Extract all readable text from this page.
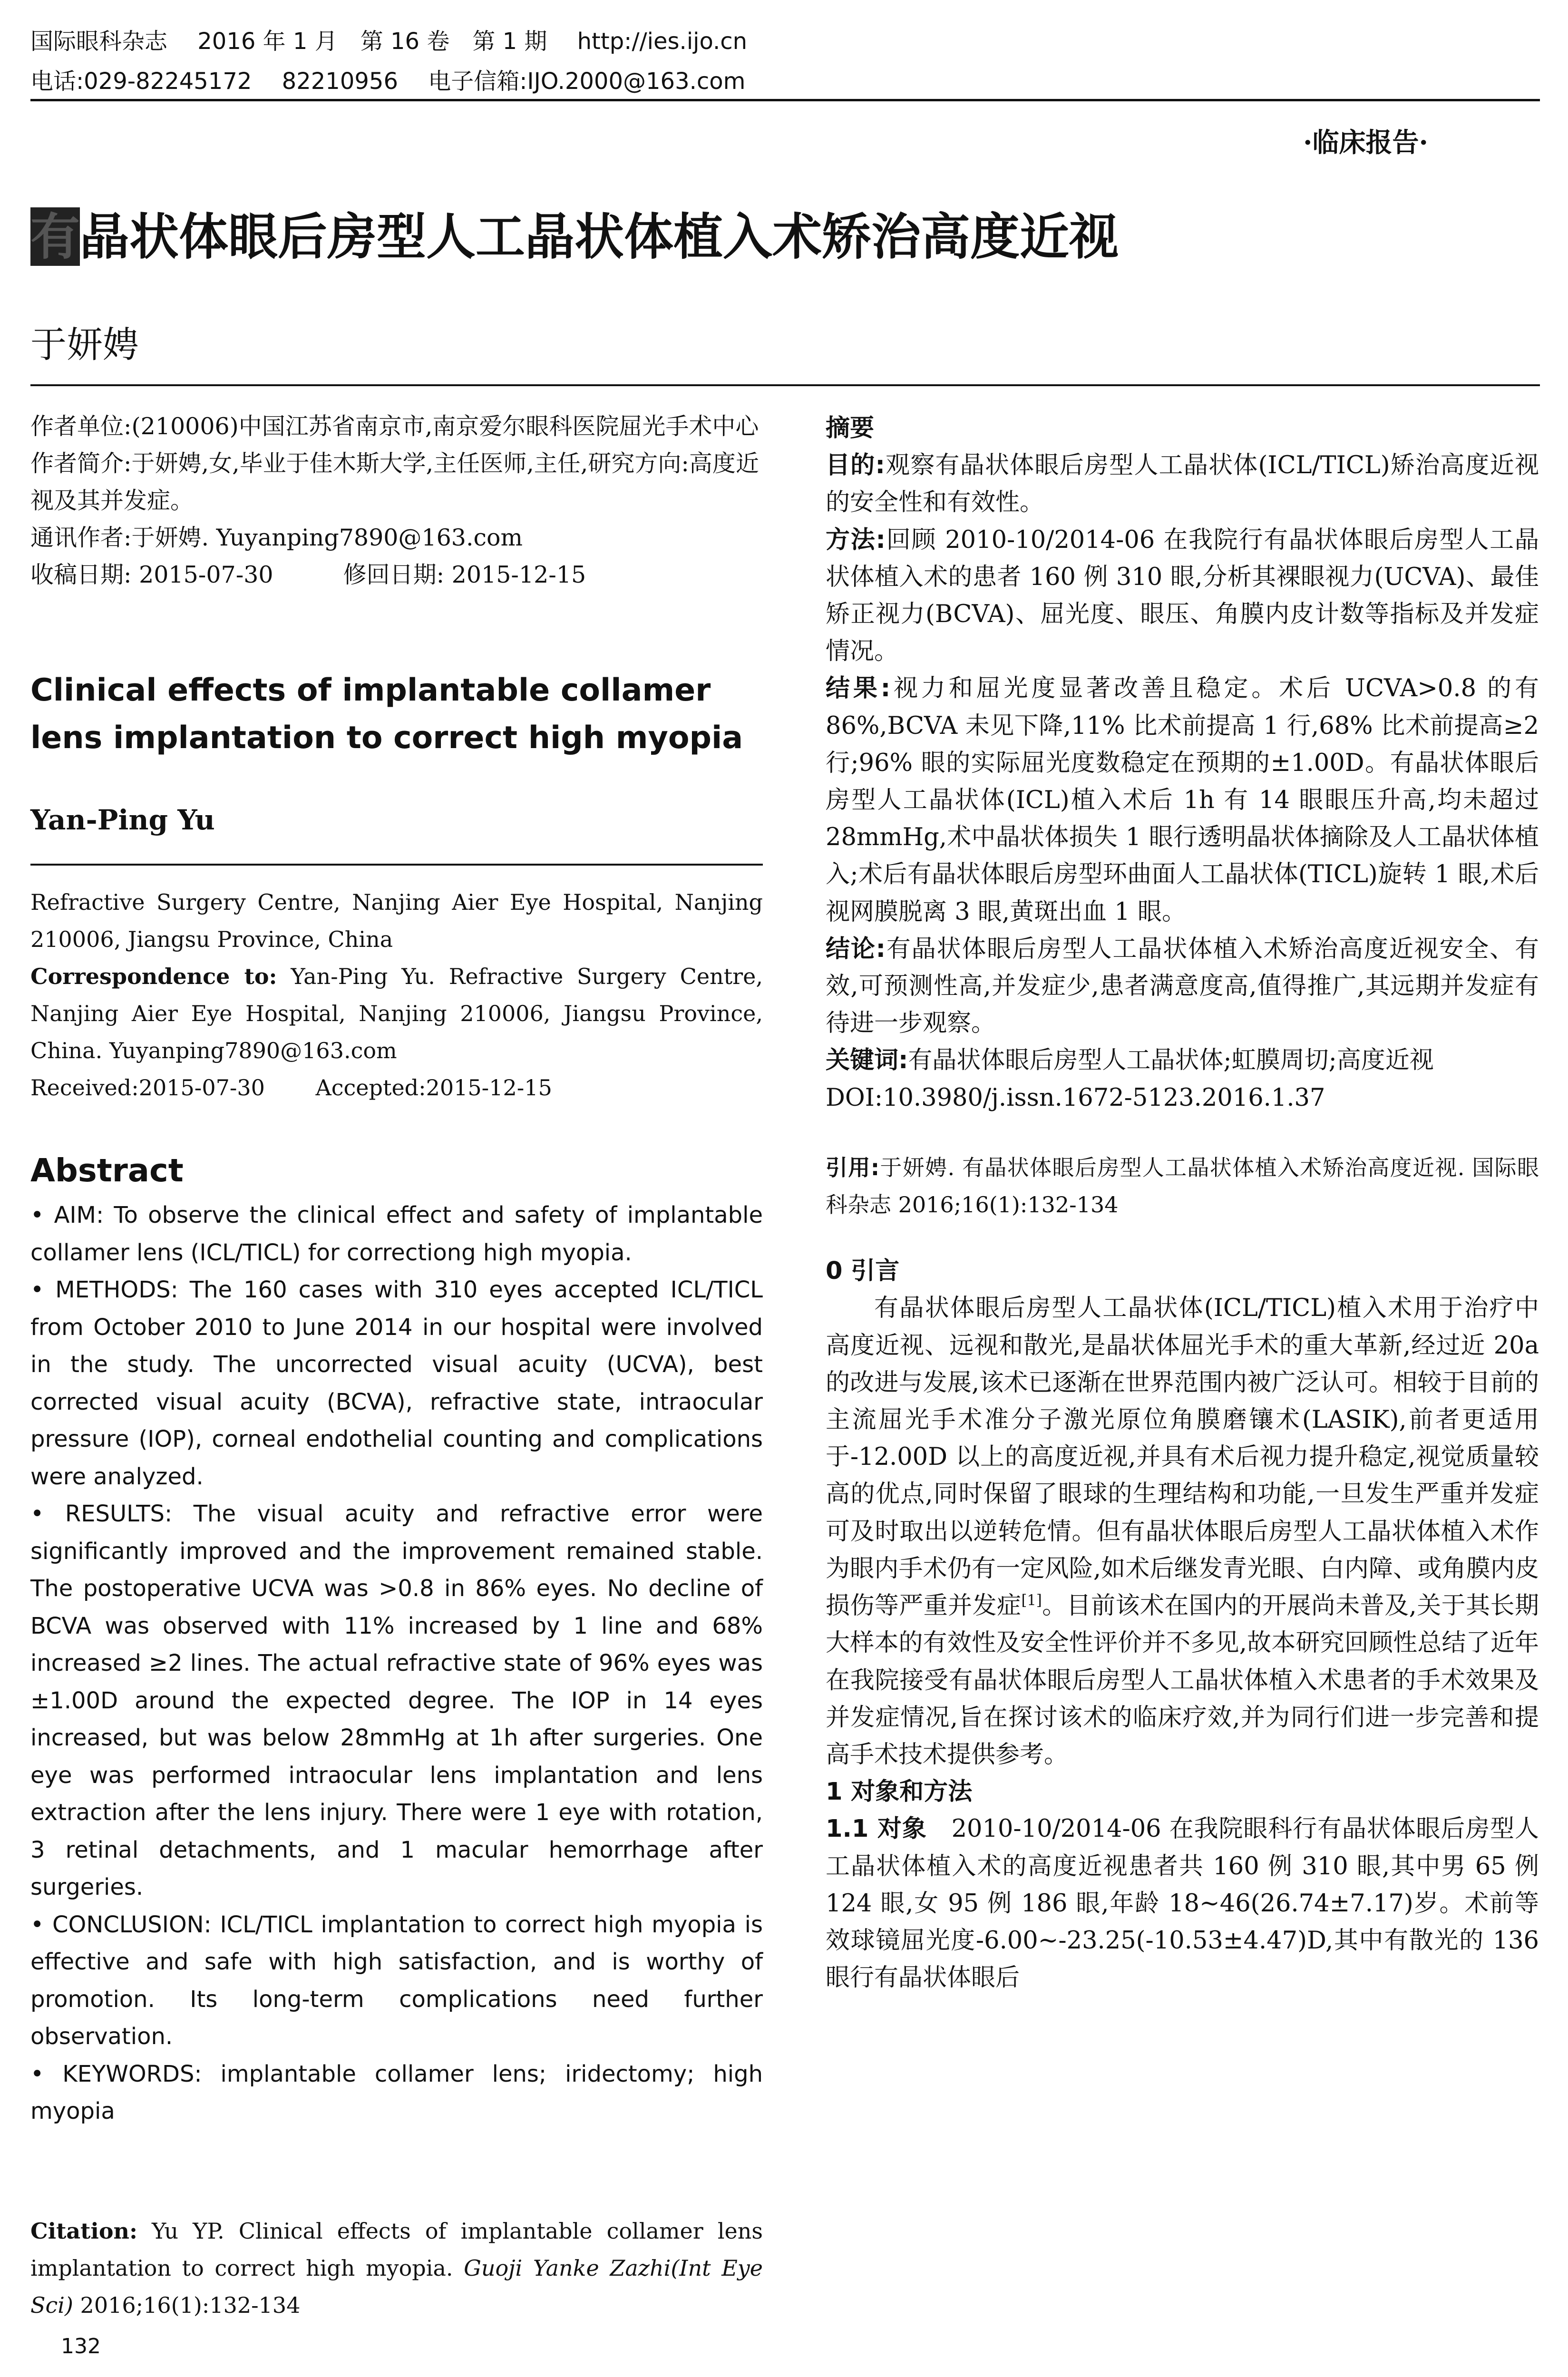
国际眼科杂志　 2016 年 1 月　第 16 卷　第 1 期　 http://ies.ijo.cn
电话:029-82245172　 82210956　 电子信箱:IJO.2000@163.com
·临床报告·
有晶状体眼后房型人工晶状体植入术矫治高度近视
于妍娉

作者单位:(210006)中国江苏省南京市,南京爱尔眼科医院屈光手术中心

作者简介:于妍娉,女,毕业于佳木斯大学,主任医师,主任,研究方向:高度近视及其并发症。

通讯作者:于妍娉. Yuyanping7890@163.com

收稿日期: 2015-07-30　　　修回日期: 2015-12-15

Clinical effects of implantable collamer lens implantation to correct high myopia
Yan-Ping Yu

Refractive Surgery Centre, Nanjing Aier Eye Hospital, Nanjing 210006, Jiangsu Province, China

Correspondence to: Yan-Ping Yu. Refractive Surgery Centre, Nanjing Aier Eye Hospital, Nanjing 210006, Jiangsu Province, China. Yuyanping7890@163.com

Received:2015-07-30　　 Accepted:2015-12-15

Abstract

• AIM: To observe the clinical effect and safety of implantable collamer lens (ICL/TICL) for correctiong high myopia.

• METHODS: The 160 cases with 310 eyes accepted ICL/TICL from October 2010 to June 2014 in our hospital were involved in the study. The uncorrected visual acuity (UCVA), best corrected visual acuity (BCVA), refractive state, intraocular pressure (IOP), corneal endothelial counting and complications were analyzed.

• RESULTS: The visual acuity and refractive error were significantly improved and the improvement remained stable. The postoperative UCVA was >0.8 in 86% eyes. No decline of BCVA was observed with 11% increased by 1 line and 68% increased ≥2 lines. The actual refractive state of 96% eyes was ±1.00D around the expected degree. The IOP in 14 eyes increased, but was below 28mmHg at 1h after surgeries. One eye was performed intraocular lens implantation and lens extraction after the lens injury. There were 1 eye with rotation, 3 retinal detachments, and 1 macular hemorrhage after surgeries.

• CONCLUSION: ICL/TICL implantation to correct high myopia is effective and safe with high satisfaction, and is worthy of promotion. Its long-term complications need further observation.

• KEYWORDS: implantable collamer lens; iridectomy; high myopia

Citation: Yu YP. Clinical effects of implantable collamer lens implantation to correct high myopia. Guoji Yanke Zazhi(Int Eye Sci) 2016;16(1):132-134
132

摘要

目的:观察有晶状体眼后房型人工晶状体(ICL/TICL)矫治高度近视的安全性和有效性。

方法:回顾 2010-10/2014-06 在我院行有晶状体眼后房型人工晶状体植入术的患者 160 例 310 眼,分析其裸眼视力(UCVA)、最佳矫正视力(BCVA)、屈光度、眼压、角膜内皮计数等指标及并发症情况。

结果:视力和屈光度显著改善且稳定。术后 UCVA>0.8 的有 86%,BCVA 未见下降,11% 比术前提高 1 行,68% 比术前提高≥2 行;96% 眼的实际屈光度数稳定在预期的±1.00D。有晶状体眼后房型人工晶状体(ICL)植入术后 1h 有 14 眼眼压升高,均未超过 28mmHg,术中晶状体损失 1 眼行透明晶状体摘除及人工晶状体植入;术后有晶状体眼后房型环曲面人工晶状体(TICL)旋转 1 眼,术后视网膜脱离 3 眼,黄斑出血 1 眼。

结论:有晶状体眼后房型人工晶状体植入术矫治高度近视安全、有效,可预测性高,并发症少,患者满意度高,值得推广,其远期并发症有待进一步观察。

关键词:有晶状体眼后房型人工晶状体;虹膜周切;高度近视

DOI:10.3980/j.issn.1672-5123.2016.1.37

引用:于妍娉. 有晶状体眼后房型人工晶状体植入术矫治高度近视. 国际眼科杂志 2016;16(1):132-134

0 引言

有晶状体眼后房型人工晶状体(ICL/TICL)植入术用于治疗中高度近视、远视和散光,是晶状体屈光手术的重大革新,经过近 20a 的改进与发展,该术已逐渐在世界范围内被广泛认可。相较于目前的主流屈光手术准分子激光原位角膜磨镶术(LASIK),前者更适用于-12.00D 以上的高度近视,并具有术后视力提升稳定,视觉质量较高的优点,同时保留了眼球的生理结构和功能,一旦发生严重并发症可及时取出以逆转危情。但有晶状体眼后房型人工晶状体植入术作为眼内手术仍有一定风险,如术后继发青光眼、白内障、或角膜内皮损伤等严重并发症[1]。目前该术在国内的开展尚未普及,关于其长期大样本的有效性及安全性评价并不多见,故本研究回顾性总结了近年在我院接受有晶状体眼后房型人工晶状体植入术患者的手术效果及并发症情况,旨在探讨该术的临床疗效,并为同行们进一步完善和提高手术技术提供参考。

1 对象和方法

1.1 对象　2010-10/2014-06 在我院眼科行有晶状体眼后房型人工晶状体植入术的高度近视患者共 160 例 310 眼,其中男 65 例 124 眼,女 95 例 186 眼,年龄 18~46(26.74±7.17)岁。术前等效球镜屈光度-6.00~-23.25(-10.53±4.47)D,其中有散光的 136 眼行有晶状体眼后
